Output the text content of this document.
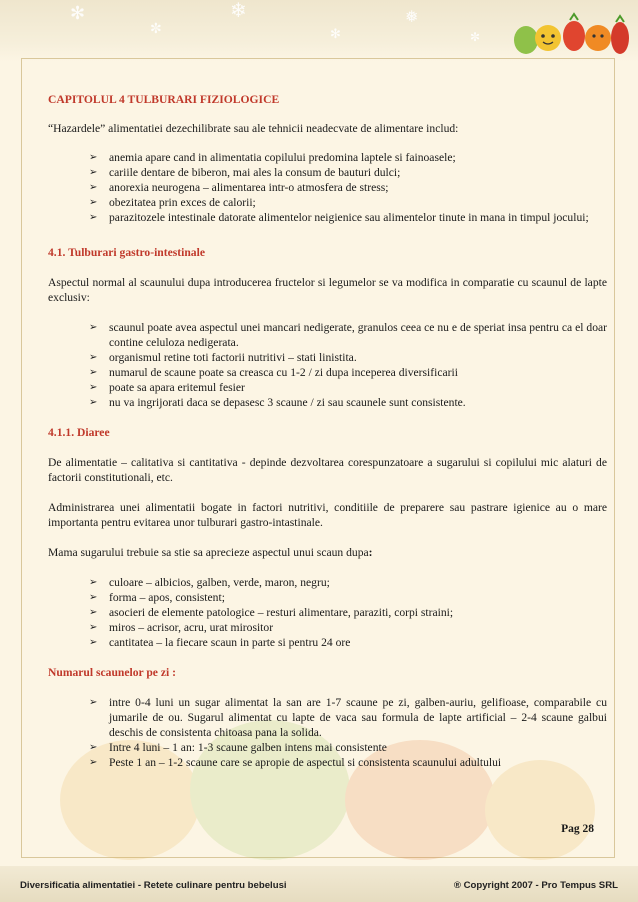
✻
✼
❄
✻
❅
✼

CAPITOLUL 4 TULBURARI FIZIOLOGICE

“Hazardele” alimentatiei dezechilibrate sau ale tehnicii neadecvate de alimentare includ:

➢ anemia apare cand in alimentatia copilului predomina laptele si fainoasele;
➢ cariile dentare de biberon, mai ales la consum de bauturi dulci;
➢ anorexia neurogena – alimentarea intr-o atmosfera de stress;
➢ obezitatea prin exces de calorii;
➢ parazitozele intestinale datorate alimentelor neigienice sau alimentelor tinute in mana in timpul jocului;

4.1. Tulburari gastro-intestinale

Aspectul normal al scaunului dupa introducerea fructelor si legumelor se va modifica in comparatie cu scaunul de lapte exclusiv:

➢ scaunul poate avea aspectul unei mancari nedigerate, granulos ceea ce nu e de speriat insa pentru ca el doar contine celuloza nedigerata.
➢ organismul retine toti factorii nutritivi – stati linistita.
➢ numarul de scaune poate sa creasca cu 1-2 / zi dupa inceperea diversificarii
➢ poate sa apara eritemul fesier
➢ nu va ingrijorati daca se depasesc 3 scaune / zi sau scaunele sunt consistente.

4.1.1. Diaree

De alimentatie – calitativa si cantitativa - depinde dezvoltarea corespunzatoare a sugarului si copilului mic alaturi de factorii constitutionali, etc.

Administrarea unei alimentatii bogate in factori nutritivi, conditiile de preparere sau pastrare igienice au o mare importanta pentru evitarea unor tulburari gastro-intastinale.

Mama sugarului trebuie sa stie sa aprecieze aspectul unui scaun dupa:

➢ culoare – albicios, galben, verde, maron, negru;
➢ forma – apos, consistent;
➢ asocieri de elemente patologice – resturi alimentare, paraziti, corpi straini;
➢ miros – acrisor, acru, urat mirositor
➢ cantitatea – la fiecare scaun in parte si pentru 24 ore

Numarul scaunelor pe zi :

➢ intre 0-4 luni un sugar alimentat la san are 1-7 scaune pe zi, galben-auriu, gelifioase, comparabile cu jumarile de ou. Sugarul alimentat cu lapte de vaca sau formula de lapte artificial – 2-4 scaune galbui deschis de consistenta chitoasa pana la solida.
➢ Intre 4 luni – 1 an: 1-3 scaune galben intens mai consistente
➢ Peste 1 an – 1-2 scaune care se apropie de aspectul si consistenta scaunului adultului
Pag 28
Diversificatia alimentatiei - Retete culinare pentru bebelusi	® Copyright 2007 - Pro Tempus SRL
